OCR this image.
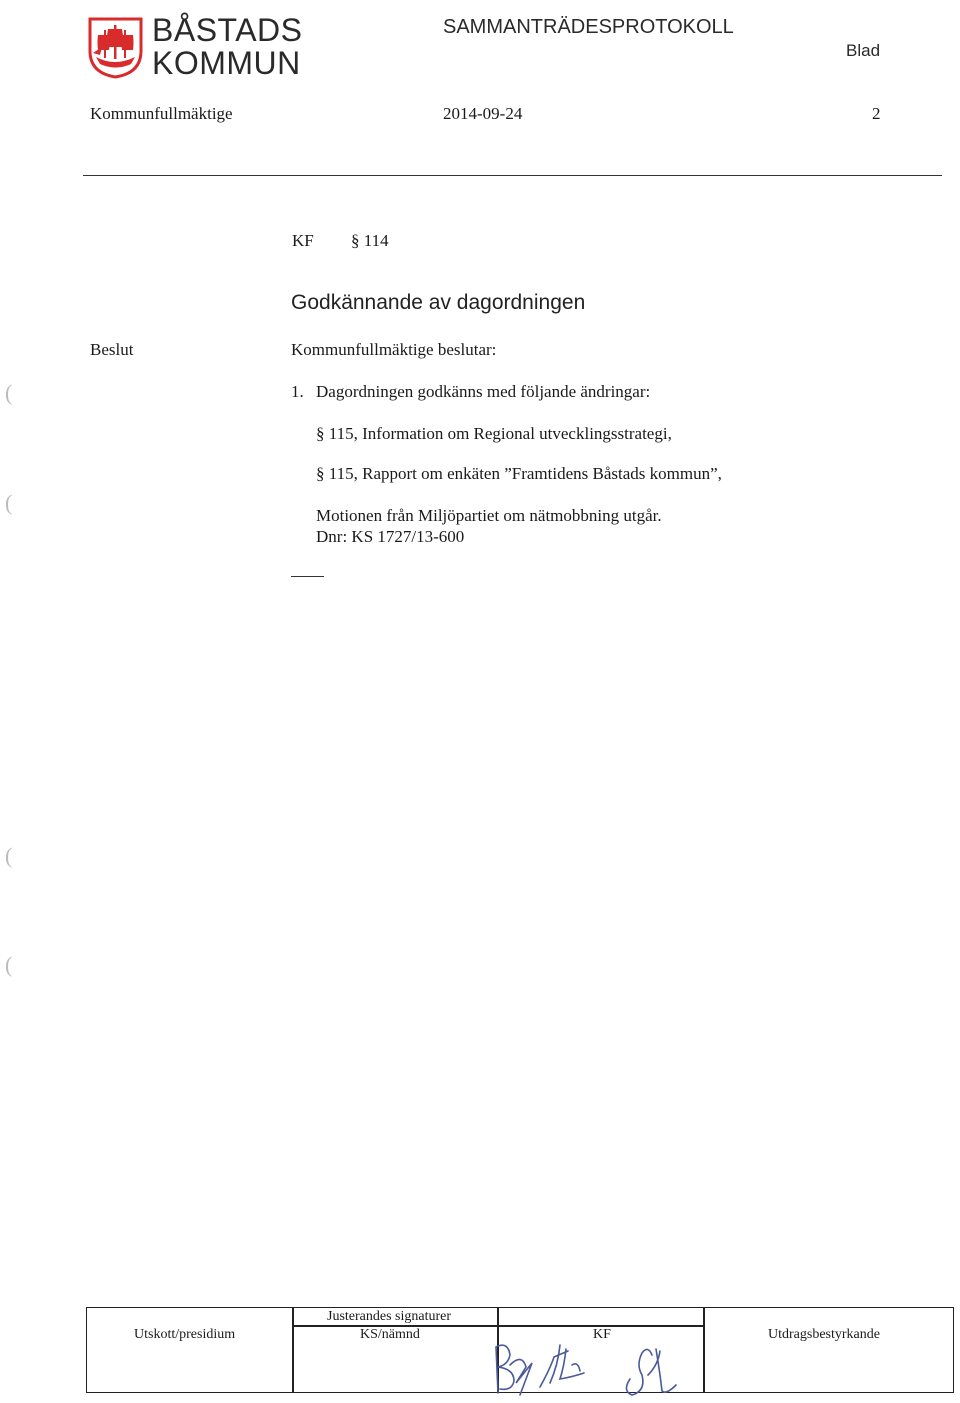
BÅSTADS
KOMMUN
SAMMANTRÄDESPROTOKOLL
Blad
Kommunfullmäktige	2014-09-24	2
KF § 114
Godkännande av dagordningen
Beslut	Kommunfullmäktige beslutar:
1. Dagordningen godkänns med följande ändringar:
§ 115, Information om Regional utvecklingsstrategi,
§ 115, Rapport om enkäten ”Framtidens Båstads kommun”,
Motionen från Miljöpartiet om nätmobbning utgår.
Dnr: KS 1727/13-600
(
(
(
(
Justerandes signaturer
Utskott/presidium	KS/nämnd	KF	Utdragsbestyrkande
